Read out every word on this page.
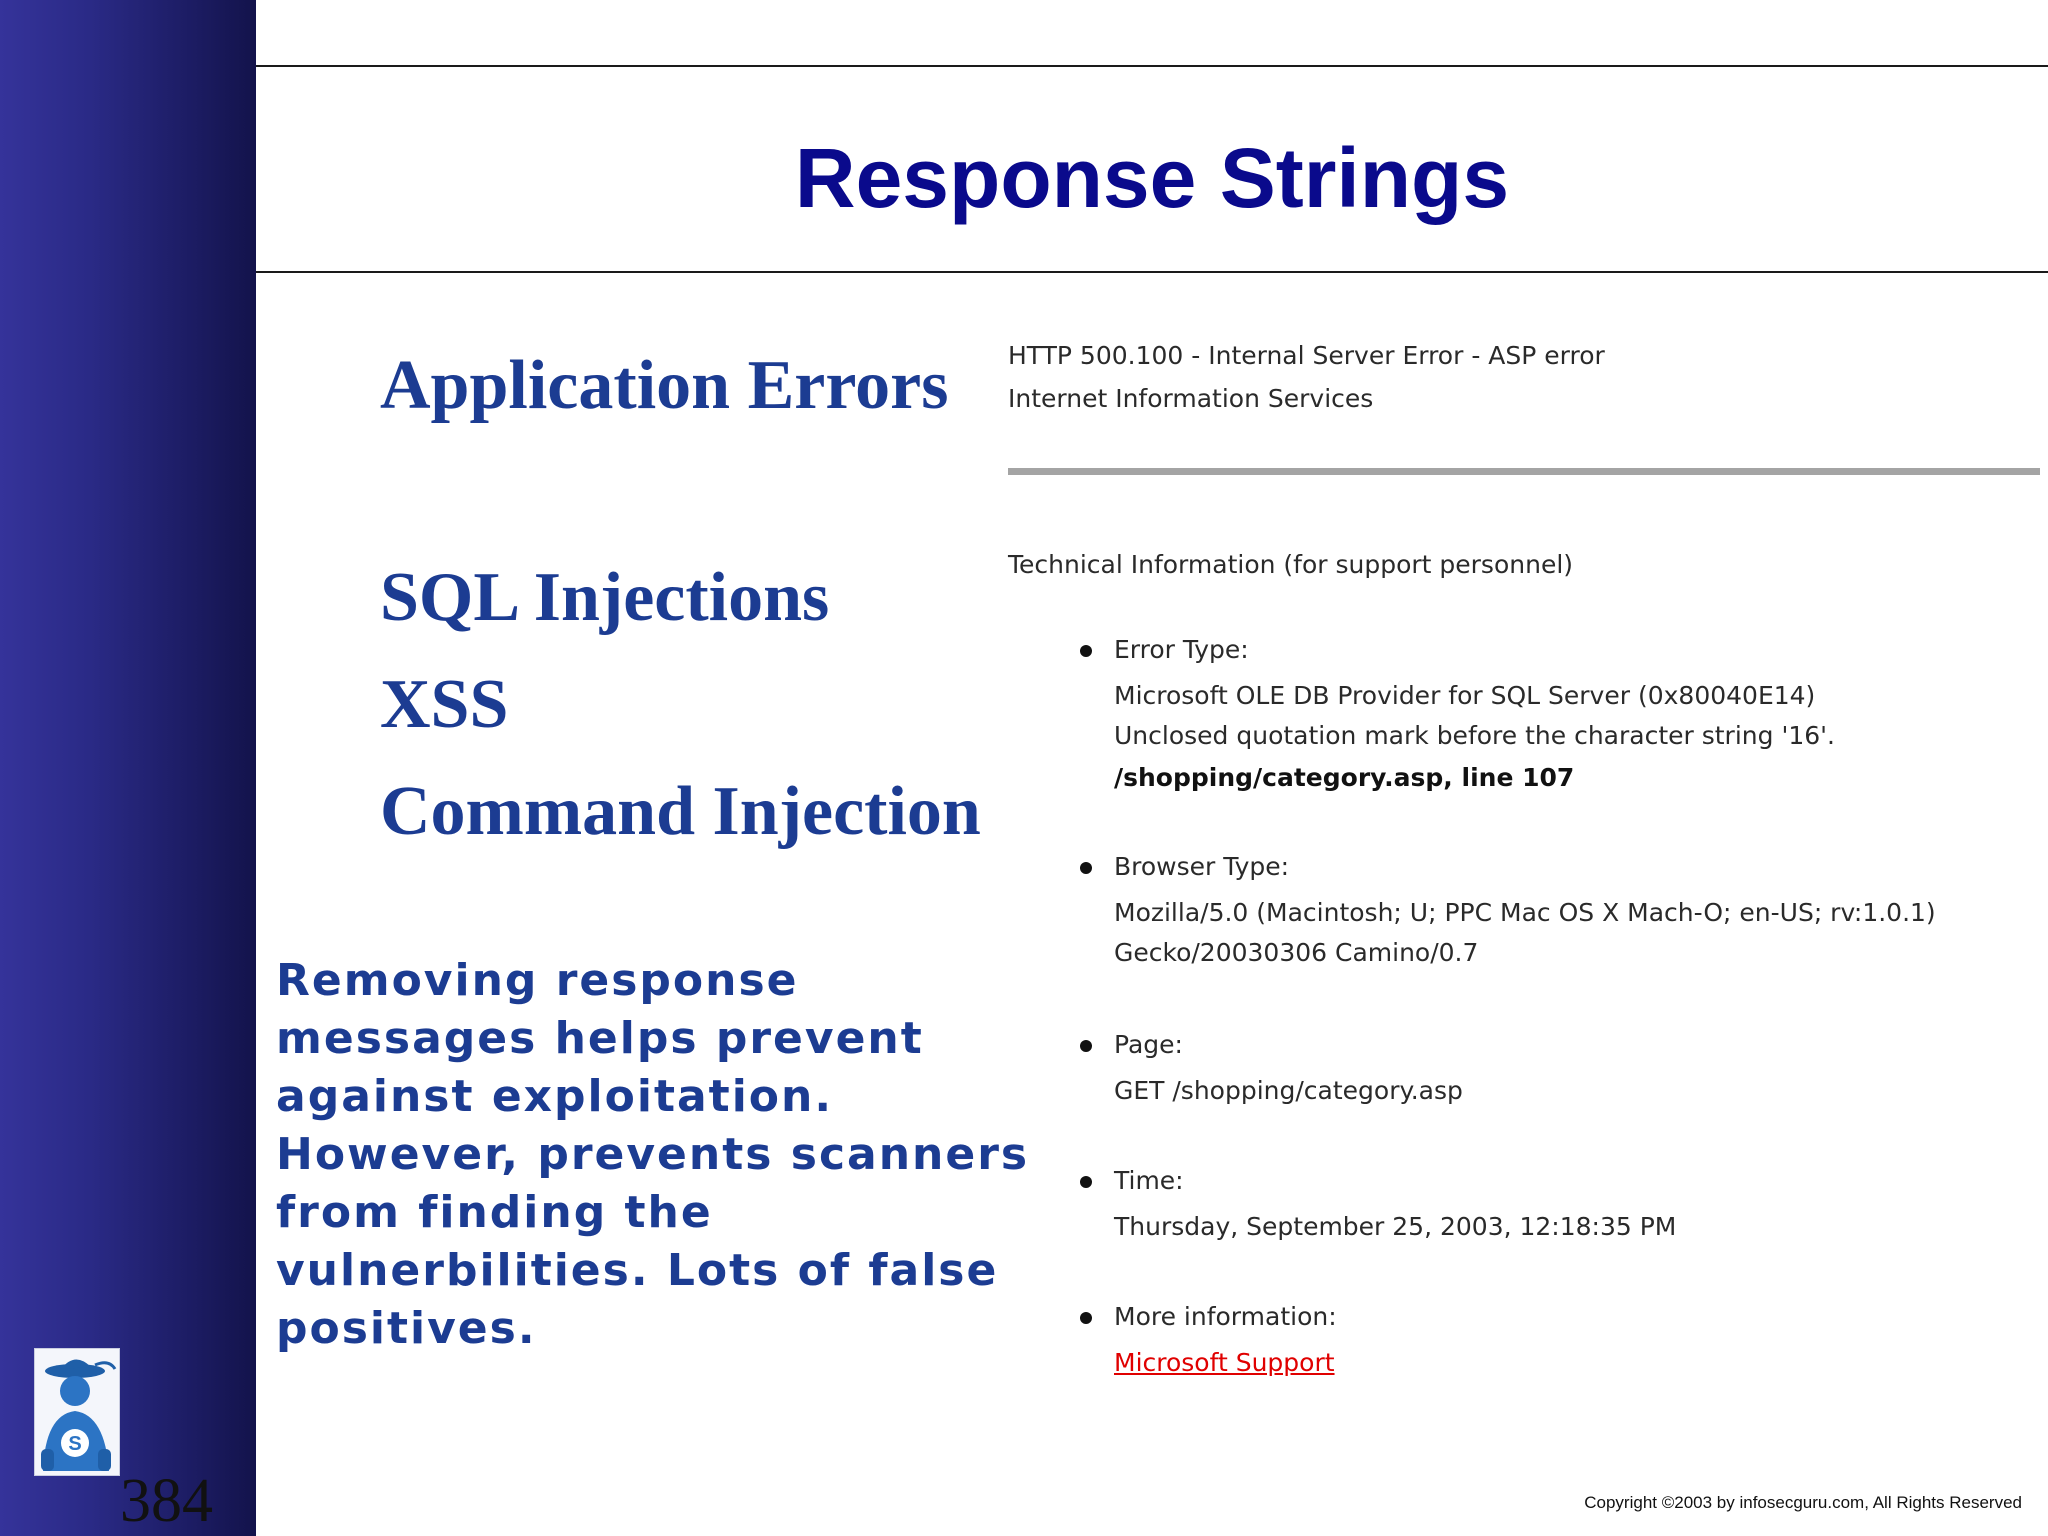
S
384
Response Strings
Application Errors
SQL Injections
XSS
Command Injection

Removing response messages helps prevent against exploitation. However, prevents scanners from finding the vulnerbilities. Lots of false positives.

HTTP 500.100 - Internal Server Error - ASP error
Internet Information Services
Technical Information (for support personnel)
Error Type:
Microsoft OLE DB Provider for SQL Server (0x80040E14)
Unclosed quotation mark before the character string '16'.
/shopping/category.asp, line 107
Browser Type:
Mozilla/5.0 (Macintosh; U; PPC Mac OS X Mach-O; en-US; rv:1.0.1)
Gecko/20030306 Camino/0.7
Page:
GET /shopping/category.asp
Time:
Thursday, September 25, 2003, 12:18:35 PM
More information:
Microsoft Support
Copyright ©2003 by infosecguru.com, All Rights Reserved
